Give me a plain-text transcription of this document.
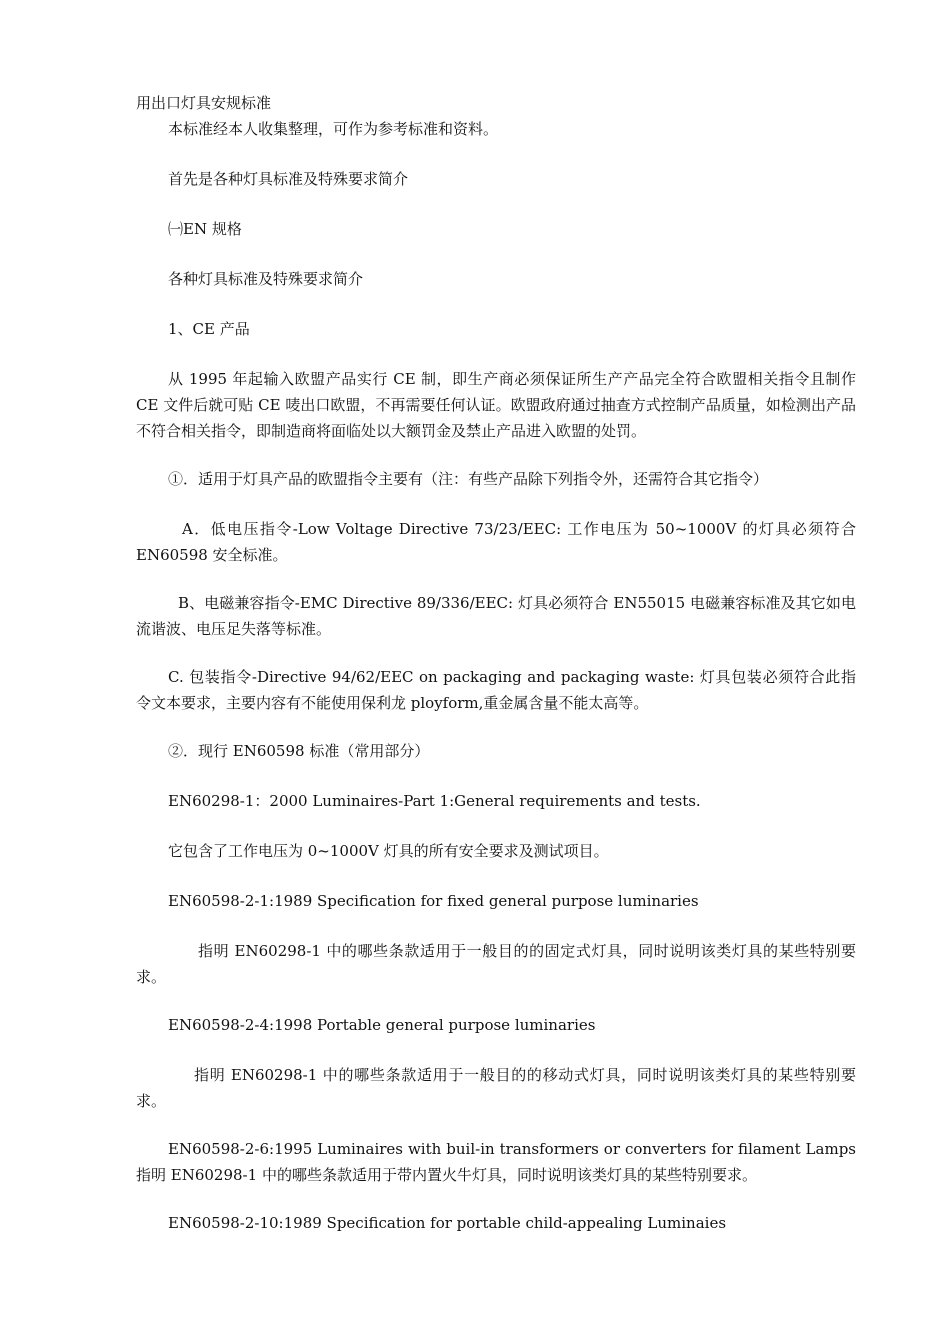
用出口灯具安规标准
本标准经本人收集整理，可作为参考标准和资料。
首先是各种灯具标准及特殊要求简介
㈠EN 规格
各种灯具标准及特殊要求简介
1、CE 产品
从 1995 年起输入欧盟产品实行 CE 制，即生产商必须保证所生产产品完全符合欧盟相关指令且制作 CE 文件后就可贴 CE 唛出口欧盟，不再需要任何认证。欧盟政府通过抽查方式控制产品质量，如检测出产品不符合相关指令，即制造商将面临处以大额罚金及禁止产品进入欧盟的处罚。
①．适用于灯具产品的欧盟指令主要有（注：有些产品除下列指令外，还需符合其它指令）
A．低电压指令-Low Voltage Directive 73/23/EEC: 工作电压为 50~1000V 的灯具必须符合 EN60598 安全标准。
B、电磁兼容指令-EMC Directive 89/336/EEC: 灯具必须符合 EN55015 电磁兼容标准及其它如电流谐波、电压足失落等标准。
C. 包装指令-Directive 94/62/EEC on packaging and packaging waste: 灯具包装必须符合此指令文本要求，主要内容有不能使用保利龙 ployform,重金属含量不能太高等。
②．现行 EN60598 标准（常用部分）
EN60298-1：2000 Luminaires-Part 1:General requirements and tests.
它包含了工作电压为 0~1000V 灯具的所有安全要求及测试项目。
EN60598-2-1:1989 Specification for fixed general purpose luminaries
指明 EN60298-1 中的哪些条款适用于一般目的的固定式灯具，同时说明该类灯具的某些特别要求。
EN60598-2-4:1998 Portable general purpose luminaries
指明 EN60298-1 中的哪些条款适用于一般目的的移动式灯具，同时说明该类灯具的某些特别要求。
EN60598-2-6:1995 Luminaires with buil-in transformers or converters for filament Lamps 指明 EN60298-1 中的哪些条款适用于带内置火牛灯具，同时说明该类灯具的某些特别要求。
EN60598-2-10:1989 Specification for portable child-appealing Luminaies
